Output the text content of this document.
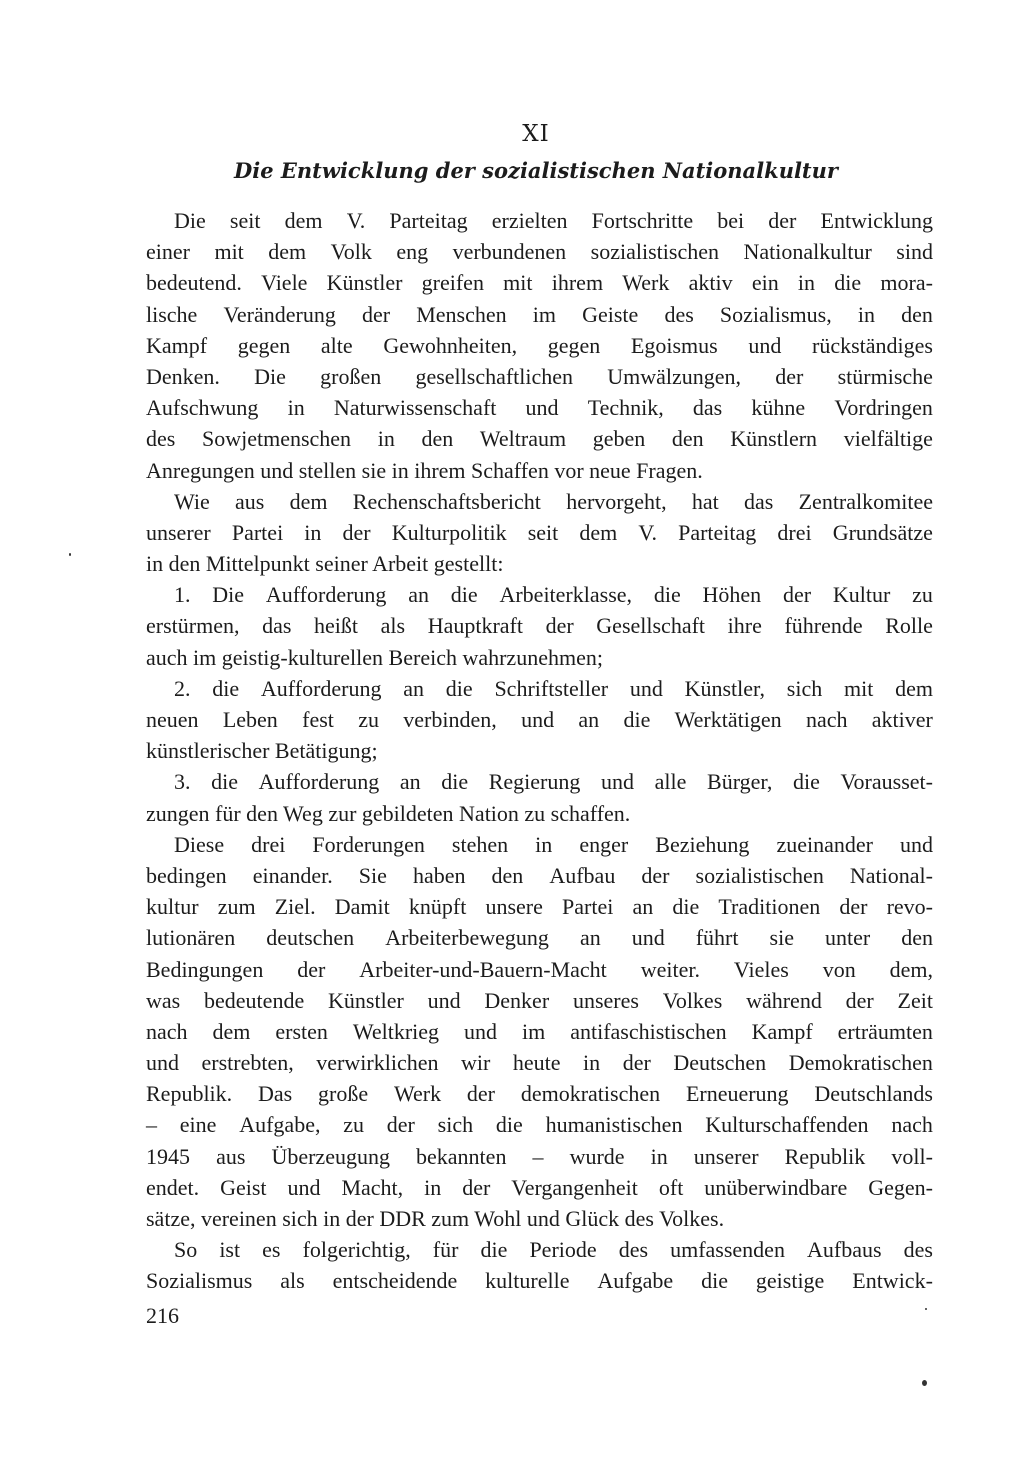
XI
Die Entwicklung der sozialistischen Nationalkultur
Die seit dem V. Parteitag erzielten Fortschritte bei der Entwicklung
einer mit dem Volk eng verbundenen sozialistischen Nationalkultur sind
bedeutend. Viele Künstler greifen mit ihrem Werk aktiv ein in die mora-
lische Veränderung der Menschen im Geiste des Sozialismus, in den
Kampf gegen alte Gewohnheiten, gegen Egoismus und rückständiges
Denken. Die großen gesellschaftlichen Umwälzungen, der stürmische
Aufschwung in Naturwissenschaft und Technik, das kühne Vordringen
des Sowjetmenschen in den Weltraum geben den Künstlern vielfältige
Anregungen und stellen sie in ihrem Schaffen vor neue Fragen.
Wie aus dem Rechenschaftsbericht hervorgeht, hat das Zentralkomitee
unserer Partei in der Kulturpolitik seit dem V. Parteitag drei Grundsätze
in den Mittelpunkt seiner Arbeit gestellt:
1. Die Aufforderung an die Arbeiterklasse, die Höhen der Kultur zu
erstürmen, das heißt als Hauptkraft der Gesellschaft ihre führende Rolle
auch im geistig-kulturellen Bereich wahrzunehmen;
2. die Aufforderung an die Schriftsteller und Künstler, sich mit dem
neuen Leben fest zu verbinden, und an die Werktätigen nach aktiver
künstlerischer Betätigung;
3. die Aufforderung an die Regierung und alle Bürger, die Vorausset-
zungen für den Weg zur gebildeten Nation zu schaffen.
Diese drei Forderungen stehen in enger Beziehung zueinander und
bedingen einander. Sie haben den Aufbau der sozialistischen National-
kultur zum Ziel. Damit knüpft unsere Partei an die Traditionen der revo-
lutionären deutschen Arbeiterbewegung an und führt sie unter den
Bedingungen der Arbeiter-und-Bauern-Macht weiter. Vieles von dem,
was bedeutende Künstler und Denker unseres Volkes während der Zeit
nach dem ersten Weltkrieg und im antifaschistischen Kampf erträumten
und erstrebten, verwirklichen wir heute in der Deutschen Demokratischen
Republik. Das große Werk der demokratischen Erneuerung Deutschlands
– eine Aufgabe, zu der sich die humanistischen Kulturschaffenden nach
1945 aus Überzeugung bekannten – wurde in unserer Republik voll-
endet. Geist und Macht, in der Vergangenheit oft unüberwindbare Gegen-
sätze, vereinen sich in der DDR zum Wohl und Glück des Volkes.
So ist es folgerichtig, für die Periode des umfassenden Aufbaus des
Sozialismus als entscheidende kulturelle Aufgabe die geistige Entwick-

216
